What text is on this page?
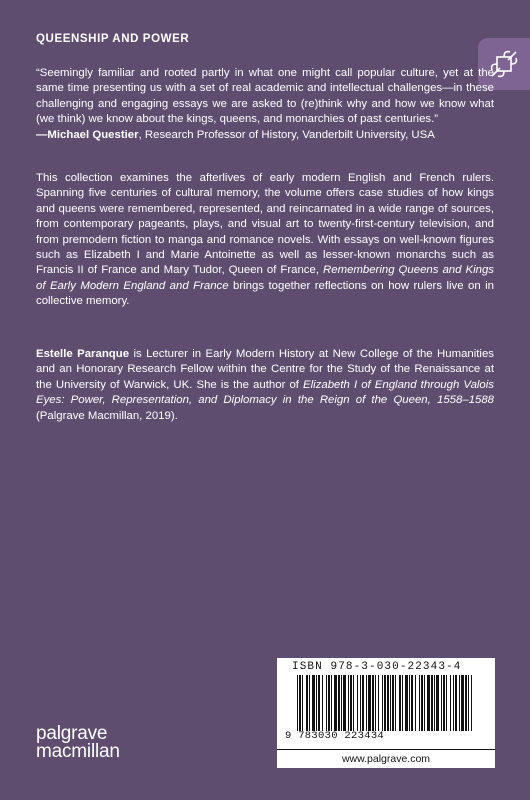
QUEENSHIP AND POWER

“Seemingly familiar and rooted partly in what one might call popular culture, yet at the same time presenting us with a set of real academic and intellectual challenges—in these challenging and engaging essays we are asked to (re)think why and how we know what (we think) we know about the kings, queens, and monarchies of past centuries.”

—Michael Questier, Research Professor of History, Vanderbilt University, USA

This collection examines the afterlives of early modern English and French rulers. Spanning five centuries of cultural memory, the volume offers case studies of how kings and queens were remembered, represented, and reincarnated in a wide range of sources, from contemporary pageants, plays, and visual art to twenty-first-century television, and from premodern fiction to manga and romance novels. With essays on well-known figures such as Elizabeth I and Marie Antoinette as well as lesser-known monarchs such as Francis II of France and Mary Tudor, Queen of France, Remembering Queens and Kings of Early Modern England and France brings together reflections on how rulers live on in collective memory.

Estelle Paranque is Lecturer in Early Modern History at New College of the Humanities and an Honorary Research Fellow within the Centre for the Study of the Renaissance at the University of Warwick, UK. She is the author of Elizabeth I of England through Valois Eyes: Power, Representation, and Diplomacy in the Reign of the Queen, 1558–1588 (Palgrave Macmillan, 2019).

ISBN 978-3-030-22343-4
9 783030 223434
www.palgrave.com
palgrave
macmillan
